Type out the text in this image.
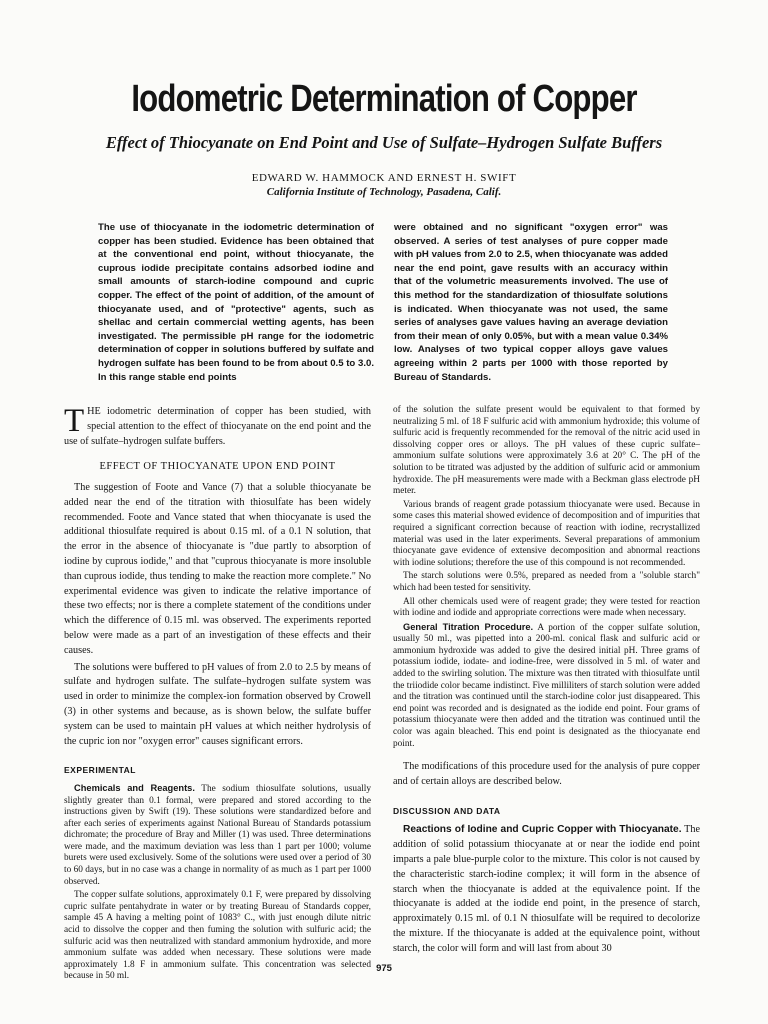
Iodometric Determination of Copper

Effect of Thiocyanate on End Point and Use of Sulfate–Hydrogen Sulfate Buffers

EDWARD W. HAMMOCK AND ERNEST H. SWIFT

California Institute of Technology, Pasadena, Calif.

The use of thiocyanate in the iodometric determination of copper has been studied. Evidence has been obtained that at the conventional end point, without thiocyanate, the cuprous iodide precipitate contains adsorbed iodine and small amounts of starch-iodine compound and cupric copper. The effect of the point of addition, of the amount of thiocyanate used, and of "protective" agents, such as shellac and certain commercial wetting agents, has been investigated. The permissible pH range for the iodometric determination of copper in solutions buffered by sulfate and hydrogen sulfate has been found to be from about 0.5 to 3.0. In this range stable end points

were obtained and no significant "oxygen error" was observed. A series of test analyses of pure copper made with pH values from 2.0 to 2.5, when thiocyanate was added near the end point, gave results with an accuracy within that of the volumetric measurements involved. The use of this method for the standardization of thiosulfate solutions is indicated. When thiocyanate was not used, the same series of analyses gave values having an average deviation from their mean of only 0.05%, but with a mean value 0.34% low. Analyses of two typical copper alloys gave values agreeing within 2 parts per 1000 with those reported by Bureau of Standards.

THE iodometric determination of copper has been studied, with special attention to the effect of thiocyanate on the end point and the use of sulfate–hydrogen sulfate buffers.

EFFECT OF THIOCYANATE UPON END POINT

The suggestion of Foote and Vance (7) that a soluble thiocyanate be added near the end of the titration with thiosulfate has been widely recommended. Foote and Vance stated that when thiocyanate is used the additional thiosulfate required is about 0.15 ml. of a 0.1 N solution, that the error in the absence of thiocyanate is "due partly to absorption of iodine by cuprous iodide," and that "cuprous thiocyanate is more insoluble than cuprous iodide, thus tending to make the reaction more complete." No experimental evidence was given to indicate the relative importance of these two effects; nor is there a complete statement of the conditions under which the difference of 0.15 ml. was observed. The experiments reported below were made as a part of an investigation of these effects and their causes.

The solutions were buffered to pH values of from 2.0 to 2.5 by means of sulfate and hydrogen sulfate. The sulfate–hydrogen sulfate system was used in order to minimize the complex-ion formation observed by Crowell (3) in other systems and because, as is shown below, the sulfate buffer system can be used to maintain pH values at which neither hydrolysis of the cupric ion nor "oxygen error" causes significant errors.

EXPERIMENTAL

Chemicals and Reagents. The sodium thiosulfate solutions, usually slightly greater than 0.1 formal, were prepared and stored according to the instructions given by Swift (19). These solutions were standardized before and after each series of experiments against National Bureau of Standards potassium dichromate; the procedure of Bray and Miller (1) was used. Three determinations were made, and the maximum deviation was less than 1 part per 1000; volume burets were used exclusively. Some of the solutions were used over a period of 30 to 60 days, but in no case was a change in normality of as much as 1 part per 1000 observed.

The copper sulfate solutions, approximately 0.1 F, were prepared by dissolving cupric sulfate pentahydrate in water or by treating Bureau of Standards copper, sample 45 A having a melting point of 1083° C., with just enough dilute nitric acid to dissolve the copper and then fuming the solution with sulfuric acid; the sulfuric acid was then neutralized with standard ammonium hydroxide, and more ammonium sulfate was added when necessary. These solutions were made approximately 1.8 F in ammonium sulfate. This concentration was selected because in 50 ml.

of the solution the sulfate present would be equivalent to that formed by neutralizing 5 ml. of 18 F sulfuric acid with ammonium hydroxide; this volume of sulfuric acid is frequently recommended for the removal of the nitric acid used in dissolving copper ores or alloys. The pH values of these cupric sulfate–ammonium sulfate solutions were approximately 3.6 at 20° C. The pH of the solution to be titrated was adjusted by the addition of sulfuric acid or ammonium hydroxide. The pH measurements were made with a Beckman glass electrode pH meter.

Various brands of reagent grade potassium thiocyanate were used. Because in some cases this material showed evidence of decomposition and of impurities that required a significant correction because of reaction with iodine, recrystallized material was used in the later experiments. Several preparations of ammonium thiocyanate gave evidence of extensive decomposition and abnormal reactions with iodine solutions; therefore the use of this compound is not recommended.

The starch solutions were 0.5%, prepared as needed from a "soluble starch" which had been tested for sensitivity.

All other chemicals used were of reagent grade; they were tested for reaction with iodine and iodide and appropriate corrections were made when necessary.

General Titration Procedure. A portion of the copper sulfate solution, usually 50 ml., was pipetted into a 200-ml. conical flask and sulfuric acid or ammonium hydroxide was added to give the desired initial pH. Three grams of potassium iodide, iodate- and iodine-free, were dissolved in 5 ml. of water and added to the swirling solution. The mixture was then titrated with thiosulfate until the triiodide color became indistinct. Five milliliters of starch solution were added and the titration was continued until the starch-iodine color just disappeared. This end point was recorded and is designated as the iodide end point. Four grams of potassium thiocyanate were then added and the titration was continued until the color was again bleached. This end point is designated as the thiocyanate end point.

The modifications of this procedure used for the analysis of pure copper and of certain alloys are described below.

DISCUSSION AND DATA

Reactions of Iodine and Cupric Copper with Thiocyanate. The addition of solid potassium thiocyanate at or near the iodide end point imparts a pale blue-purple color to the mixture. This color is not caused by the characteristic starch-iodine complex; it will form in the absence of starch when the thiocyanate is added at the equivalence point. If the thiocyanate is added at the iodide end point, in the presence of starch, approximately 0.15 ml. of 0.1 N thiosulfate will be required to decolorize the mixture. If the thiocyanate is added at the equivalence point, without starch, the color will form and will last from about 30

975
